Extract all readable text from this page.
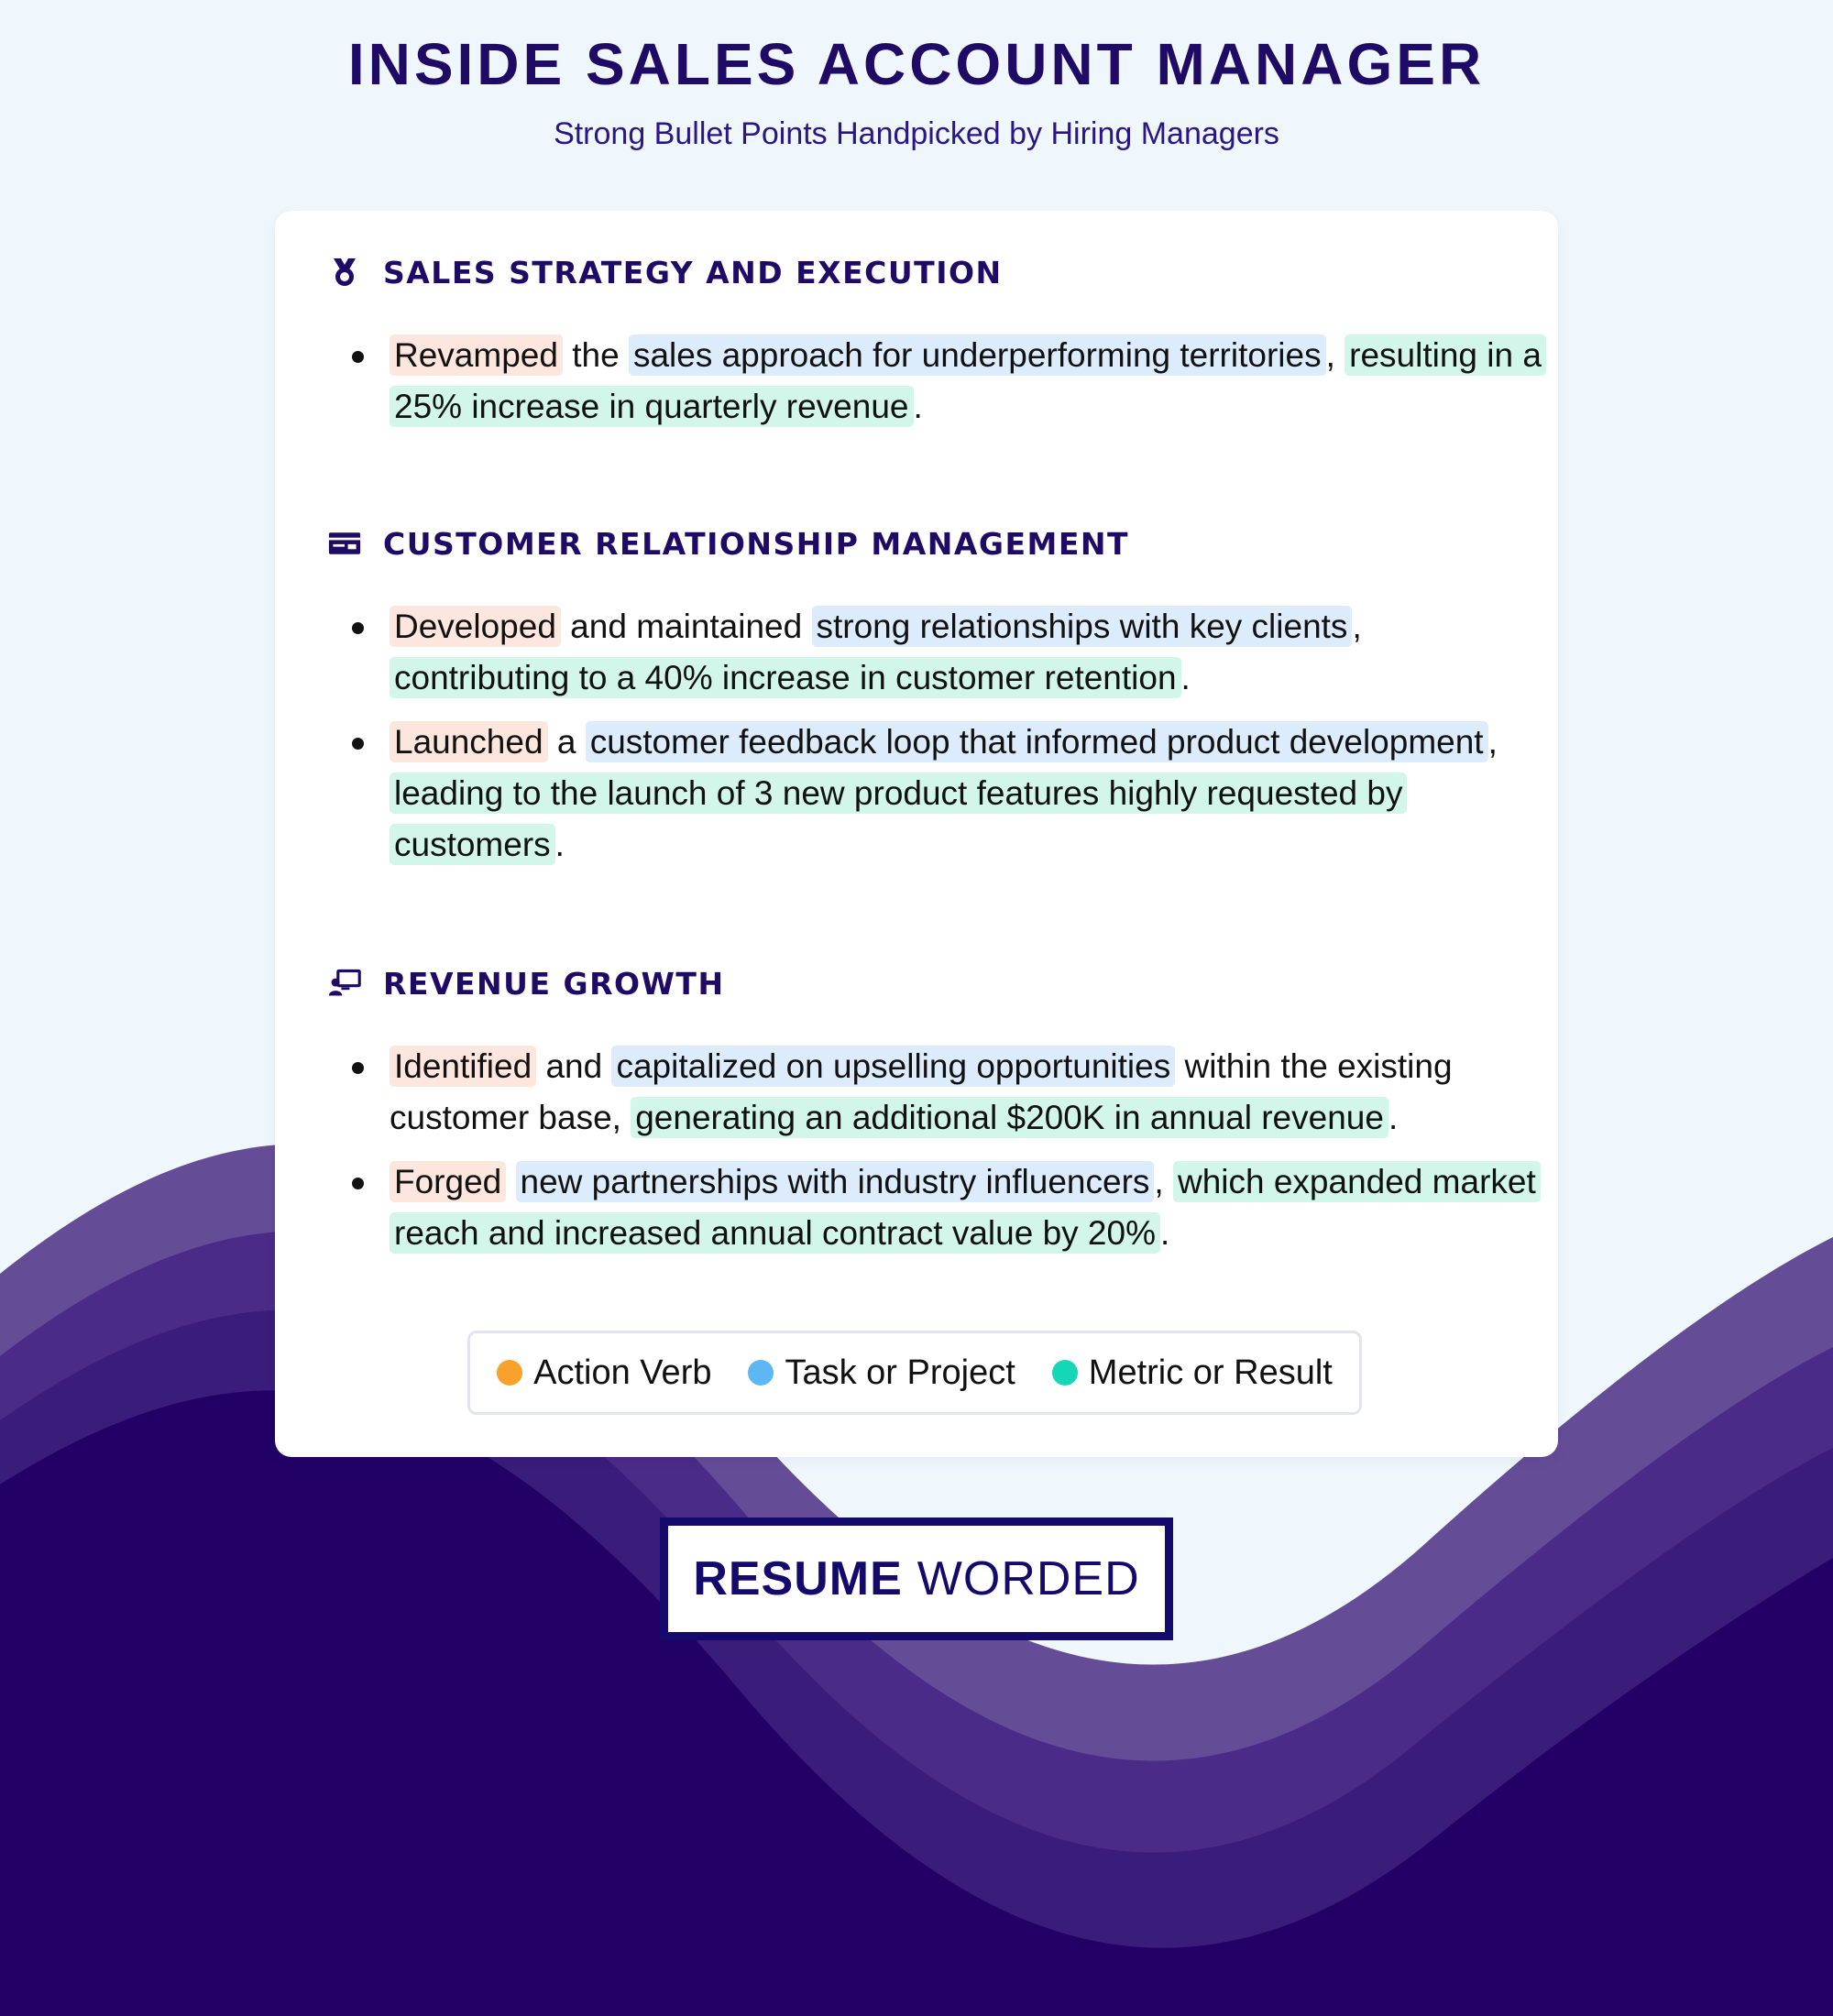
INSIDE SALES ACCOUNT MANAGER

Strong Bullet Points Handpicked by Hiring Managers

SALES STRATEGY AND EXECUTION
Revamped the sales approach for underperforming territories , resulting in a 25% increase in quarterly revenue .
CUSTOMER RELATIONSHIP MANAGEMENT
Developed and maintained strong relationships with key clients , contributing to a 40% increase in customer retention .
Launched a customer feedback loop that informed product development , leading to the launch of 3 new product features highly requested by customers .
REVENUE GROWTH
Identified and capitalized on upselling opportunities within the existing customer base, generating an additional $200K in annual revenue .
Forged new partnerships with industry influencers , which expanded market reach and increased annual contract value by 20% .
Action Verb Task or Project Metric or Result
RESUME WORDED
